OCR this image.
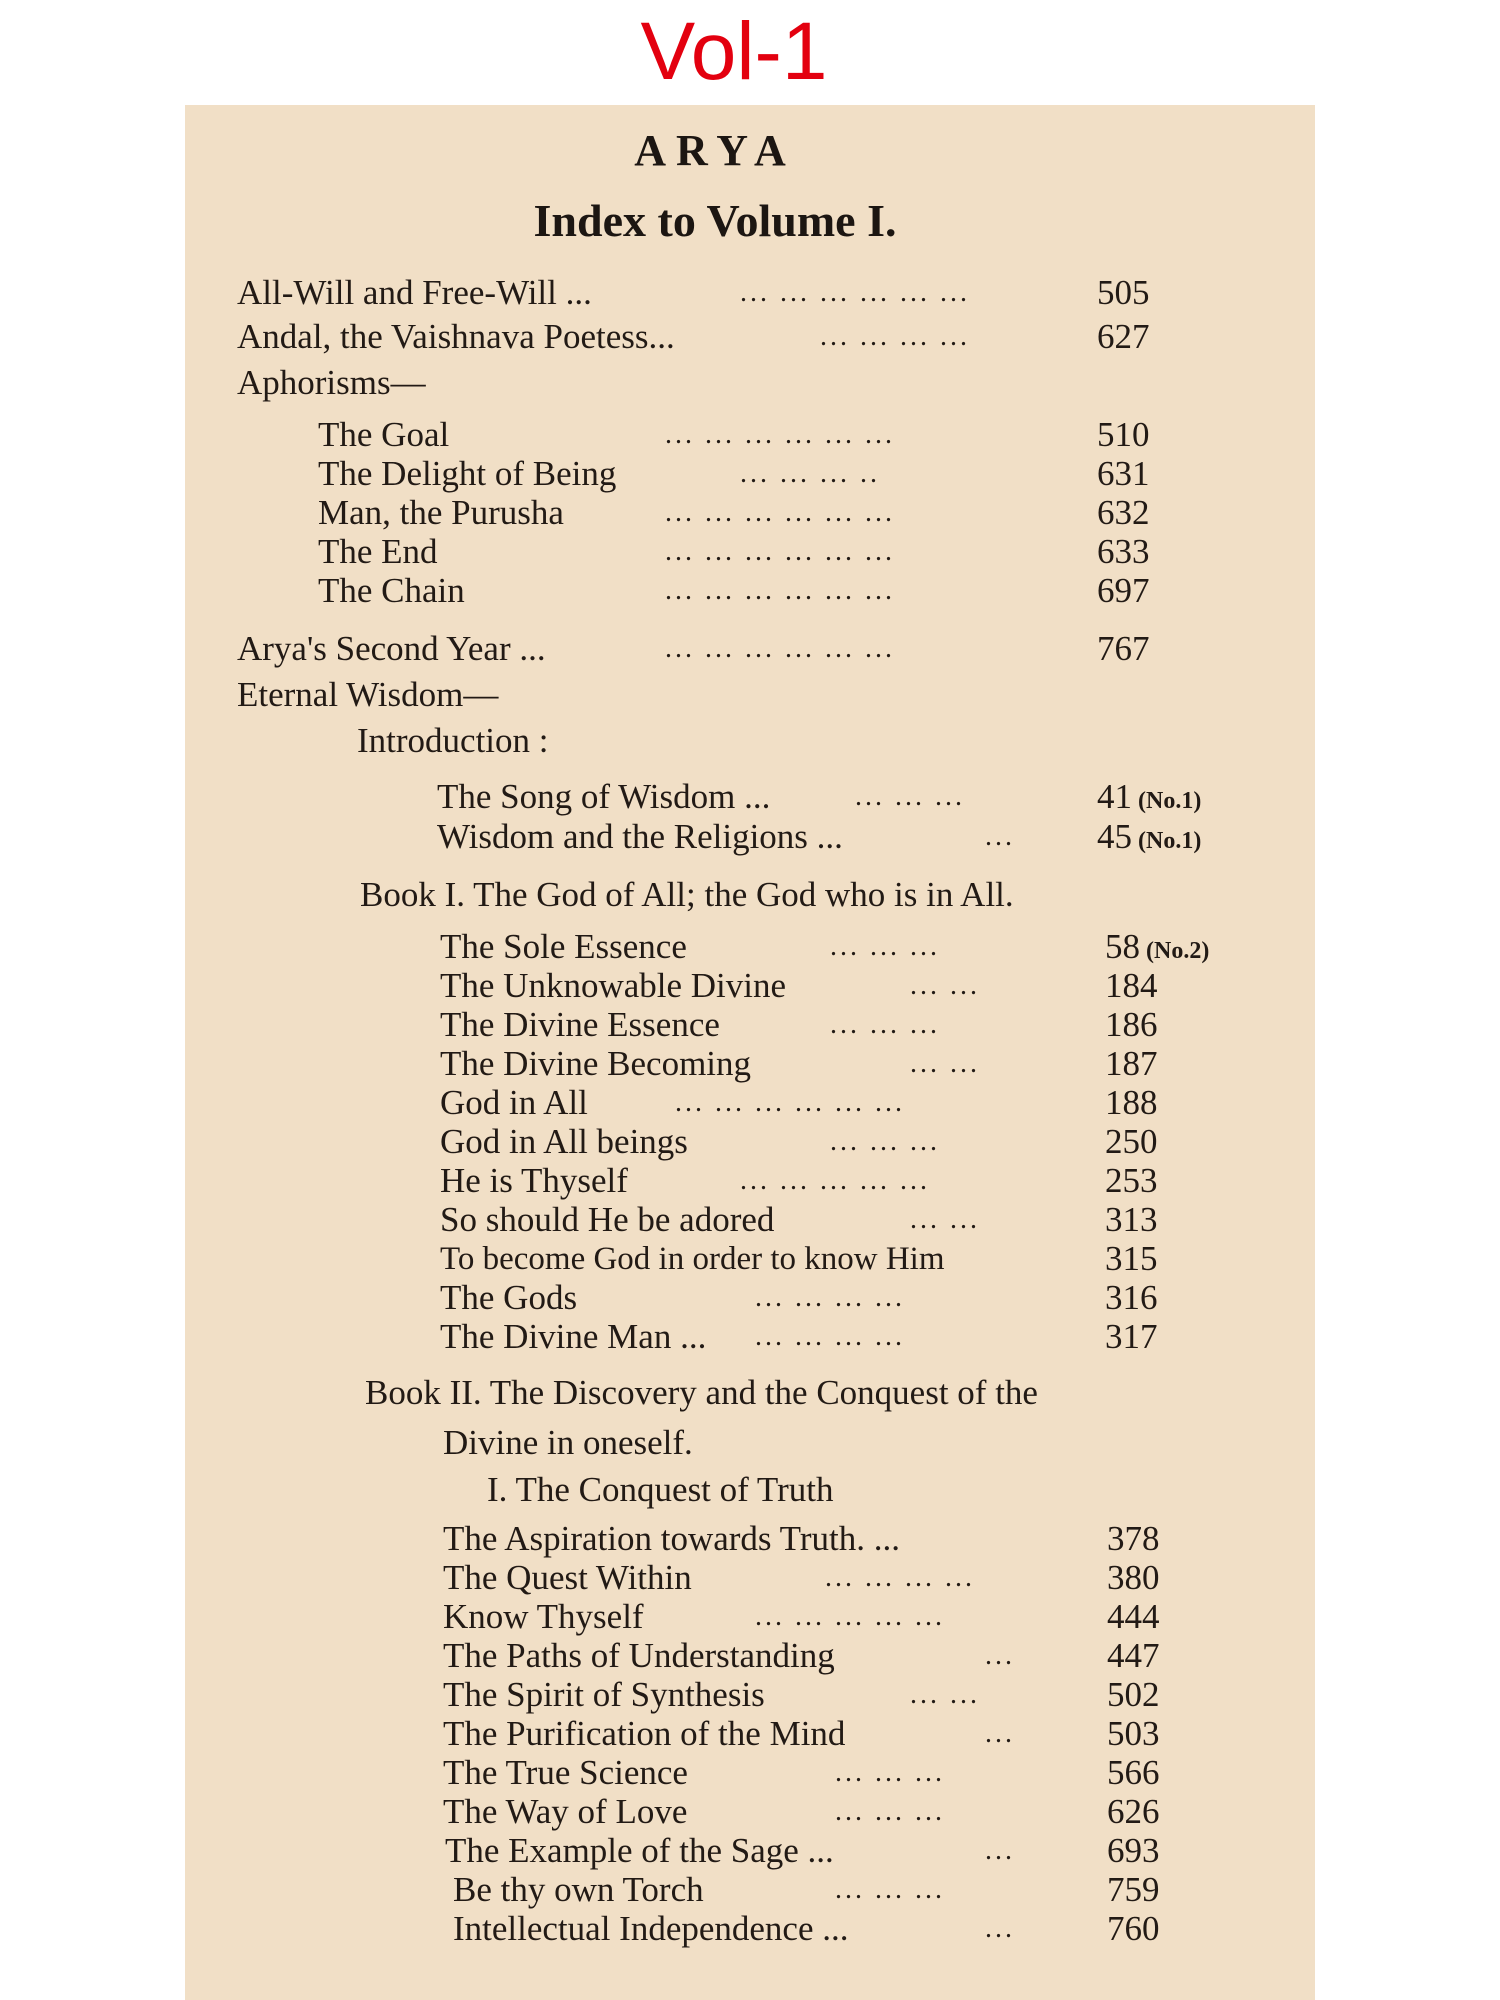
Vol-1

ARYA
Index to Volume I.
All-Will and Free-Will ...	... ... ... ... ... ...	505
Andal, the Vaishnava Poetess...	... ... ... ...	627
Aphorisms—
The Goal	... ... ... ... ... ...	510
The Delight of Being	... ... ... ..	631
Man, the Purusha	... ... ... ... ... ...	632
The End	... ... ... ... ... ...	633
The Chain	... ... ... ... ... ...	697
Arya's Second Year ...	... ... ... ... ... ...	767
Eternal Wisdom—
Introduction :
The Song of Wisdom ...	... ... ...	41 (No.1)
Wisdom and the Religions ...	... 45 (No.1)
Book I. The God of All; the God who is in All.
The Sole Essence	... ... ...	58 (No.2)
The Unknowable Divine	... ...	184
The Divine Essence	... ... ...	186
The Divine Becoming	... ...	187
God in All	... ... ... ... ... ...	188
God in All beings	... ... ...	250
He is Thyself	... ... ... ... ...	253
So should He be adored	... ...	313
To become God in order to know Him	315
The Gods	... ... ... ...	316
The Divine Man ... ... ... ... ...	317
Book II. The Discovery and the Conquest of the
Divine in oneself.
I. The Conquest of Truth
The Aspiration towards Truth. ...	378
The Quest Within	... ... ... ...	380
Know Thyself	... ... ... ... ...	444
The Paths of Understanding	...	447
The Spirit of Synthesis	... ...	502
The Purification of the Mind	...	503
The True Science	... ... ...	566
The Way of Love	... ... ...	626
The Example of the Sage ...	...	693
Be thy own Torch	... ... ...	759
Intellectual Independence ...	...	760
